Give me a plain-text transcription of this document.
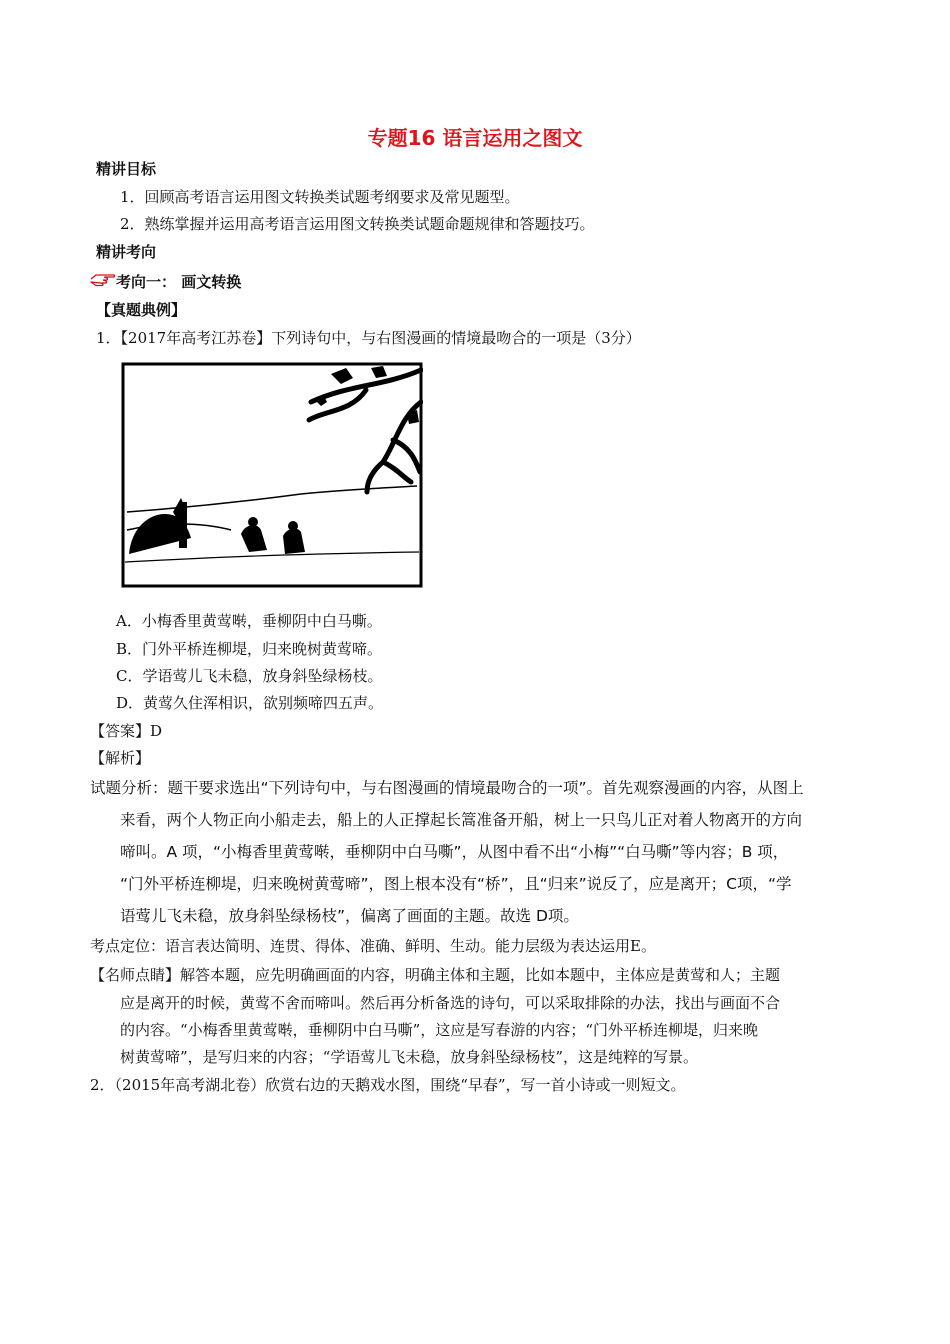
专题16 语言运用之图文
精讲目标
1．回顾高考语言运用图文转换类试题考纲要求及常见题型。
2．熟练掌握并运用高考语言运用图文转换类试题命题规律和答题技巧。
精讲考向
考向一： 画文转换
【真题典例】
1．【2017年高考江苏卷】下列诗句中，与右图漫画的情境最吻合的一项是（3分）
A．小梅香里黄莺啭，垂柳阴中白马嘶。
B．门外平桥连柳堤，归来晚树黄莺啼。
C．学语莺儿飞未稳，放身斜坠绿杨枝。
D．黄莺久住浑相识，欲别频啼四五声。
【答案】D
【解析】
试题分析：题干要求选出“下列诗句中，与右图漫画的情境最吻合的一项”。首先观察漫画的内容，从图上
来看，两个人物正向小船走去，船上的人正撑起长篙准备开船，树上一只鸟儿正对着人物离开的方向
啼叫。A 项，“小梅香里黄莺啭，垂柳阴中白马嘶”，从图中看不出“小梅”“白马嘶”等内容；B 项，
“门外平桥连柳堤，归来晚树黄莺啼”，图上根本没有“桥”，且“归来”说反了，应是离开；C项，“学
语莺儿飞未稳，放身斜坠绿杨枝”，偏离了画面的主题。故选 D项。
考点定位：语言表达简明、连贯、得体、准确、鲜明、生动。能力层级为表达运用E。
【名师点睛】解答本题，应先明确画面的内容，明确主体和主题，比如本题中，主体应是黄莺和人；主题
应是离开的时候，黄莺不舍而啼叫。然后再分析备选的诗句，可以采取排除的办法，找出与画面不合
的内容。“小梅香里黄莺啭，垂柳阴中白马嘶”，这应是写春游的内容；“门外平桥连柳堤，归来晚
树黄莺啼”，是写归来的内容；“学语莺儿飞未稳，放身斜坠绿杨枝”，这是纯粹的写景。
2．（2015年高考湖北卷）欣赏右边的天鹅戏水图，围绕“早春”，写一首小诗或一则短文。
